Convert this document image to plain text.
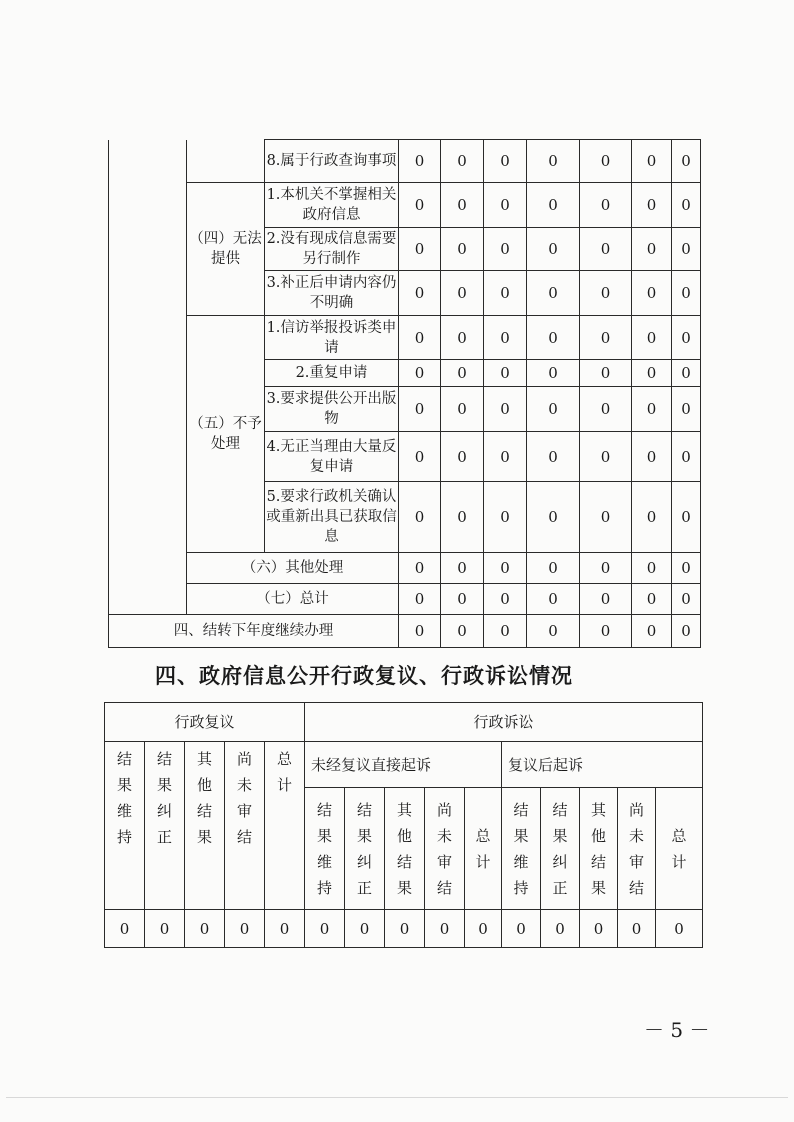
		8.属于行政查询事项	0	0	0	0	0	0	0
	（四）无法提供	1.本机关不掌握相关政府信息	0	0	0	0	0	0	0
		2.没有现成信息需要另行制作	0	0	0	0	0	0	0
		3.补正后申请内容仍不明确	0	0	0	0	0	0	0
	（五）不予处理	1.信访举报投诉类申请	0	0	0	0	0	0	0
		2.重复申请	0	0	0	0	0	0	0
		3.要求提供公开出版物	0	0	0	0	0	0	0
		4.无正当理由大量反复申请	0	0	0	0	0	0	0
		5.要求行政机关确认或重新出具已获取信息	0	0	0	0	0	0	0
	（六）其他处理		0	0	0	0	0	0	0
	（七）总计		0	0	0	0	0	0	0
四、结转下年度继续办理			0	0	0	0	0	0	0
四、政府信息公开行政复议、行政诉讼情况
行政复议					行政诉讼									
结果维持	结果纠正	其他结果	尚未审结	总计	未经复议直接起诉					复议后起诉				
					结果维持	结果纠正	其他结果	尚未审结	总计	结果维持	结果纠正	其他结果	尚未审结	总计
0	0	0	0	0	0	0	0	0	0	0	0	0	0	0
－ 5 －
